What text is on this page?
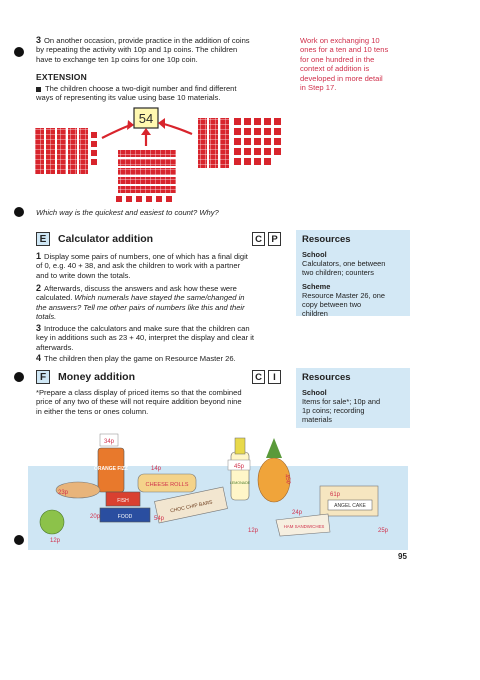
3 On another occasion, provide practice in the addition of coins
by repeating the activity with 10p and 1p coins. The children
have to exchange ten 1p coins for one 10p coin.
Work on exchanging 10
ones for a ten and 10 tens
for one hundred in the
context of addition is
developed in more detail
in Step 17.
EXTENSION
The children choose a two-digit number and find different
ways of representing its value using base 10 materials.
54
Which way is the quickest and easiest to count? Why?
E	Calculator addition	C P
1 Display some pairs of numbers, one of which has a final digit
of 0, e.g. 40 + 38, and ask the children to work with a partner
and to write down the totals.
2 Afterwards, discuss the answers and ask how these were
calculated. Which numerals have stayed the same/changed in
the answers? Tell me other pairs of numbers like this and their
totals.
3 Introduce the calculators and make sure that the children can
key in additions such as 23 + 40, interpret the display and clear it
afterwards.
4 The children then play the game on Resource Master 26.
Resources
School
Calculators, one between
two children; counters
Scheme
Resource Master 26, one
copy between two
children
F	Money addition	C	I
*Prepare a class display of priced items so that the combined
price of any two of these will not require addition beyond nine
in either the tens or ones column.
Resources
School
Items for sale*; 10p and
1p coins; recording
materials
ORANGE FIZZ
34p
45p
LEMONADE
CHEESE ROLLS
14p
23p
12p
FISH
FOOD
20p
CHOC CHIP BARS
54p
ANGEL CAKE
61p
HAM SANDWICHES
24p
45p
25p
12p
95
